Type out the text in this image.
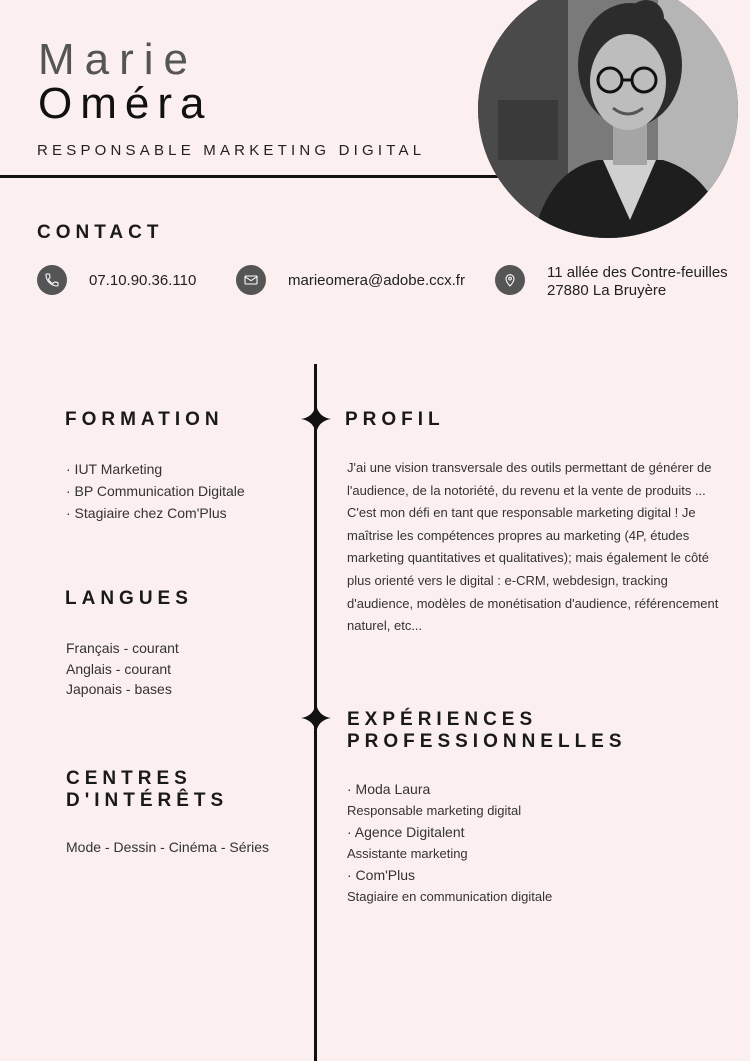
Marie
Oméra
RESPONSABLE MARKETING DIGITAL
CONTACT
07.10.90.36.110	marieomera@adobe.ccx.fr	11 allée des Contre-feuilles
27880 La Bruyère
FORMATION
· IUT Marketing
· BP Communication Digitale
· Stagiaire chez Com'Plus
LANGUES
Français - courant
Anglais - courant
Japonais - bases
CENTRES
D'INTÉRÊTS
Mode - Dessin - Cinéma - Séries
PROFIL
J'ai une vision transversale des outils permettant de générer de l'audience, de la notoriété, du revenu et la vente de produits ... C'est mon défi en tant que responsable marketing digital ! Je maîtrise les compétences propres au marketing (4P, études marketing quantitatives et qualitatives); mais également le côté plus orienté vers le digital : e-CRM, webdesign, tracking d'audience, modèles de monétisation d'audience, référencement naturel, etc...
EXPÉRIENCES
PROFESSIONNELLES
· Moda Laura
Responsable marketing digital
· Agence Digitalent
Assistante marketing
· Com'Plus
Stagiaire en communication digitale
